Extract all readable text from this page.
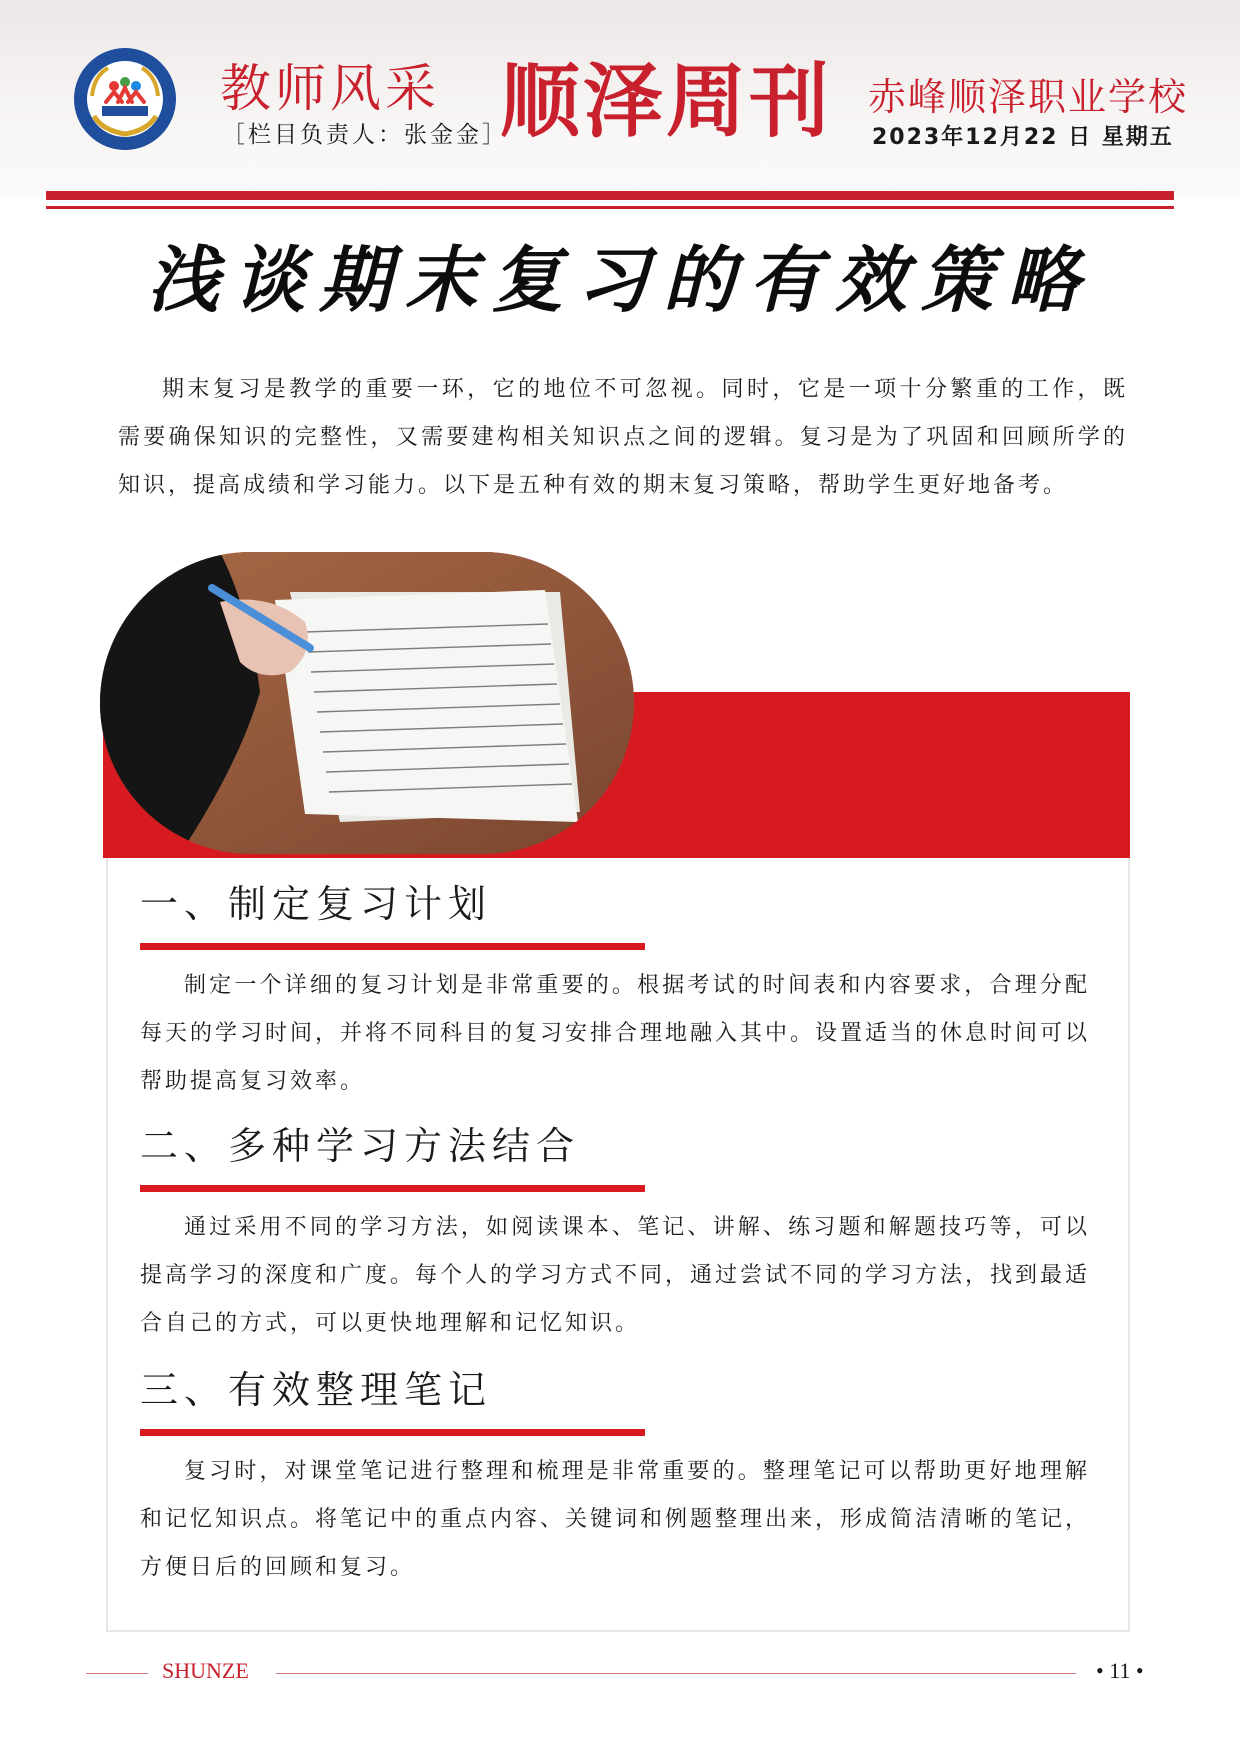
教师风采
［栏目负责人：张金金］
顺泽周刊 赤峰顺泽职业学校
2023年12月22 日 星期五
浅谈期末复习的有效策略

期末复习是教学的重要一环，它的地位不可忽视。同时，它是一项十分繁重的工作，既需要确保知识的完整性，又需要建构相关知识点之间的逻辑。复习是为了巩固和回顾所学的知识，提高成绩和学习能力。以下是五种有效的期末复习策略，帮助学生更好地备考。

一、制定复习计划

制定一个详细的复习计划是非常重要的。根据考试的时间表和内容要求，合理分配每天的学习时间，并将不同科目的复习安排合理地融入其中。设置适当的休息时间可以帮助提高复习效率。

二、多种学习方法结合

通过采用不同的学习方法，如阅读课本、笔记、讲解、练习题和解题技巧等，可以提高学习的深度和广度。每个人的学习方式不同，通过尝试不同的学习方法，找到最适合自己的方式，可以更快地理解和记忆知识。

三、有效整理笔记

复习时，对课堂笔记进行整理和梳理是非常重要的。整理笔记可以帮助更好地理解和记忆知识点。将笔记中的重点内容、关键词和例题整理出来，形成简洁清晰的笔记，方便日后的回顾和复习。

SHUNZE	• 11 •
